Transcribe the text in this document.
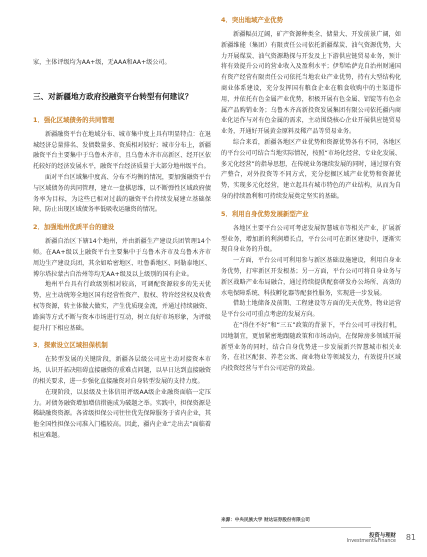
家，主体评级均为AA+级，无AAA和AA+级公司。

三、对新疆地方政府投融资平台转型有何建议？
1．强化区域债务的共同管理

新疆融资平台在地域分布、城市集中度上具有明显特点：在退城经济总量排名、发债数量多、资质相对较好；城市分布上，新疆融资平台主要集中于乌鲁木齐市，且乌鲁木齐市高新区、经开区依托较好的经济发展水平，融资平台经济质量于大部分地州级平台。

面对平台区域集中度高、分布不均衡的情况，要加强融资平台与区域债务的共同管理，建立一盘棋思维，以不断弹性区域政府债务率为目标，为这些已相对过载的融资平台持续发展建立基础保障，防止出现区域债务率低吸收运融资的情况。

2．加强地州优质平台的建设

新疆自治区下辖14个地州，并由新疆生产建设兵团管理14个师。在AA+级以上融资平台主要集中于乌鲁木齐市及乌鲁木齐市周边生产建设兵团，其余如哈密地区、吐鲁番地区、阿勒泰地区、博尔塔拉蒙古自治州等均无AA+级及以上级别的国有企业。

地州平台具有行政级别相对较高，可调配资源较多的先天优势，应主动统筹全地区国有经营性资产、股权、特许经营权及收费权等资源，转主体做大做实，产生优质现金流，并通过持续融资、路演等方式不断与资本市场进行互动，树立良好市场形象，为评级提升打下相应基础。

3．探索设立区域担保机制

在转型发展的关键阶段，新疆各层级公司应主动对接资本市场，认识开拓决阻碍直接融资的重难点问题，以早日达到直接融资的相关要求，进一步强化直接融资对自身转型发展的支持力度。

在现阶段，以县级及主体信用评级AA级企业融资面临一定压力。对债务融资增加增信措施成为破题之举。实践中，担保资源是稀缺融资资源。各省级担保公司往往优先保障服务于省内企业，其他全国性担保公司准入门槛较高。因此，疆内企业“走出去”面临着相应难题。

4．突出地域产业优势

新疆幅员辽阔，矿产资源种类全、储量大、开发前景广阔，如新疆维能（集团）有限责任公司依托新疆煤炭、油气资源优势，大力开展煤炭、油气资源勘探与开发及上下游供应链贸易业务，预计将有效提升公司的营业收入及盈利水平；伊犁哈萨克自治州财通国有资产经营有限责任公司依托当地农业产业优势，持有大型结构化商业体系建设，充分发挥国有粮食企业在粮食收购中的主渠道作用，并依托有色金属产业优势，积极开展有色金属、铝锭等有色金属产品购销业务；乌鲁木齐高新投资发展集团有限公司依托疆内商业化运作与对有色金属的需求，主动围绕核心企业开展供应链贸易业务，开通好开展黄金原料及稀产品等贸易业务。

综合来看，新疆各地区产业优势和资源优势各有不同，各地区的平台公司可结合当地实际情况，按照“市场化经营、专业化发展、多元化经营”的指导思想，在传统业务继续发展的同时，通过原有资产整合，对外投资等不同方式，充分挖掘区域产业优势和资源优势，实现多元化经营，建立起具有城市特色的产业结构，从而为自身的持续盈利和可持续发展奠定坚实的基础。

5．利用自身优势发展新型产业

各地区主要平台公司可考虑发展智慧城市等相关产业，扩展新型业务，增加新的利润增长点，平台公司可在新区建设中，逐渐实现自身业务的升级。

一方面，平台公司可利用参与新区基础设施建设，利用自身业务优势，打牢新区开发根基；另一方面，平台公司可将自身业务与新区战略产业布局融合，通过持续提供配套研发办公场所、高效的水电保障系统、科技孵化器等配套性服务，实现进一步发展。

借助土地储备及前期、工程建设等方面的先天优势，物业运营是平台公司可重点考虑的发展方向。

在“得住不好”和“三五”政策的背景下，平台公司可寻找打机，因地制宜，更加紧密地跟随政策和市场动向，在保障房多领域开展新型业务的同时，结合自身优势进一步发展新兴智慧城市相关业务，在社区配套、养老公寓、商业物业等领域发力，有效提升区域内投资经营与平台公司运营的效益。

来源：中央民族大学 财达证券股份有限公司
投资与理财
Investment&Finance 81
